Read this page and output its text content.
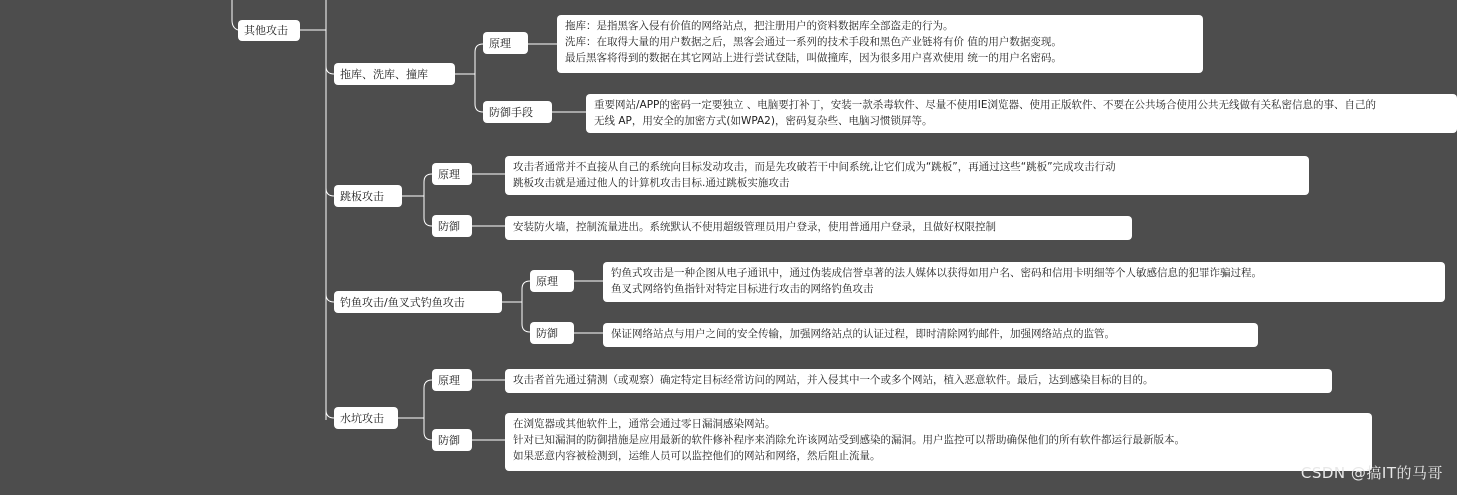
其他攻击
拖库、洗库、撞库
原理
拖库：是指黑客入侵有价值的网络站点，把注册用户的资料数据库全部盗走的行为。
洗库：在取得大量的用户数据之后，黑客会通过一系列的技术手段和黑色产业链将有价 值的用户数据变现。
最后黑客将得到的数据在其它网站上进行尝试登陆，叫做撞库，因为很多用户喜欢使用 统一的用户名密码。
防御手段
重要网站/APP的密码一定要独立 、电脑要打补丁，安装一款杀毒软件、尽量不使用IE浏览器、使用正版软件、不要在公共场合使用公共无线做有关私密信息的事、自己的
无线 AP，用安全的加密方式(如WPA2)，密码复杂些、电脑习惯锁屏等。
跳板攻击
原理
攻击者通常并不直接从自己的系统向目标发动攻击，而是先攻破若干中间系统,让它们成为“跳板”，再通过这些“跳板”完成攻击行动
跳板攻击就是通过他人的计算机攻击目标.通过跳板实施攻击
防御	安装防火墙，控制流量进出。系统默认不使用超级管理员用户登录，使用普通用户登录，且做好权限控制
钓鱼攻击/鱼叉式钓鱼攻击
原理
钓鱼式攻击是一种企图从电子通讯中，通过伪装成信誉卓著的法人媒体以获得如用户名、密码和信用卡明细等个人敏感信息的犯罪诈骗过程。
鱼叉式网络钓鱼指针对特定目标进行攻击的网络钓鱼攻击
防御	保证网络站点与用户之间的安全传输，加强网络站点的认证过程，即时清除网钓邮件，加强网络站点的监管。
水坑攻击
原理	攻击者首先通过猜测（或观察）确定特定目标经常访问的网站，并入侵其中一个或多个网站，植入恶意软件。最后，达到感染目标的目的。
防御
在浏览器或其他软件上，通常会通过零日漏洞感染网站。
针对已知漏洞的防御措施是应用最新的软件修补程序来消除允许该网站受到感染的漏洞。用户监控可以帮助确保他们的所有软件都运行最新版本。
如果恶意内容被检测到，运维人员可以监控他们的网站和网络，然后阻止流量。
CSDN @搞IT的马哥
